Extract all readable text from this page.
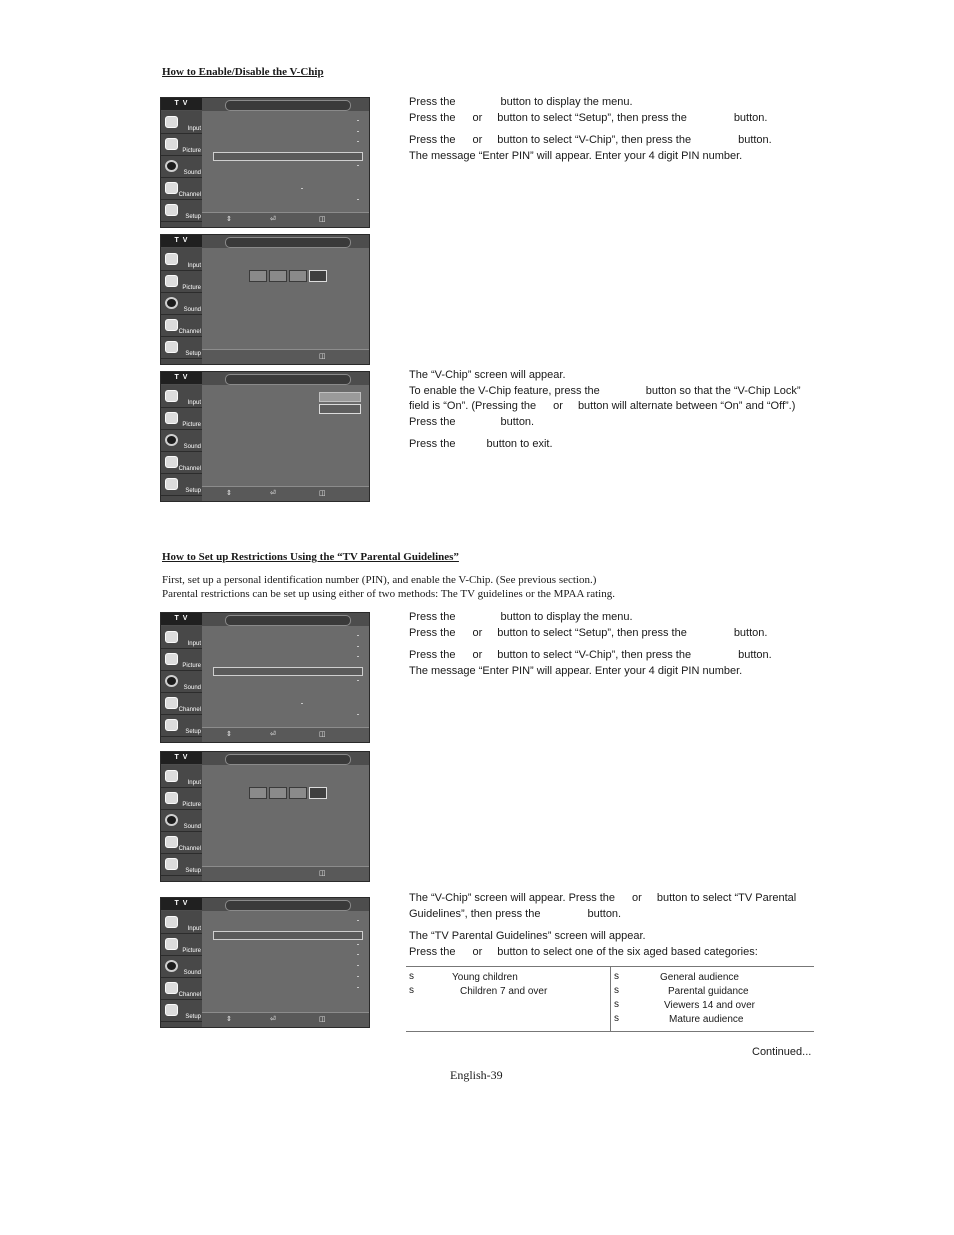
How to Enable/Disable the V-Chip

Press the	button to display the menu.

Press the or button to select “Setup”, then press the	button.

Press the or button to select “V-Chip”, then press the	button.

The message “Enter PIN” will appear. Enter your 4 digit PIN number.

The “V-Chip” screen will appear.

To enable the V-Chip feature, press the	button so that the “V-Chip Lock”

field is “On”. (Pressing the or button will alternate between “On” and “Off”.)

Press the	button.

Press the	button to exit.

T V
Input
Picture
Sound
Channel
Setup	⇕	⏎	◫
T V
Input
Picture
Sound
Channel
Setup	◫
T V
Input
Picture
Sound
Channel
Setup	⇕	⏎	◫
How to Set up Restrictions Using the “TV Parental Guidelines”
First, set up a personal identification number (PIN), and enable the V-Chip. (See previous section.)
Parental restrictions can be set up using either of two methods: The TV guidelines or the MPAA rating.

Press the	button to display the menu.

Press the or button to select “Setup”, then press the	button.

Press the or button to select “V-Chip”, then press the	button.

The message “Enter PIN” will appear. Enter your 4 digit PIN number.

The “V-Chip” screen will appear. Press the or button to select “TV Parental

Guidelines”, then press the	button.

The “TV Parental Guidelines” screen will appear.

Press the or button to select one of the six aged based categories:

T V
Input
Picture
Sound
Channel
Setup	⇕	⏎	◫
T V
Input
Picture
Sound
Channel
Setup	◫
T V
Input
Picture
Sound
Channel
Setup	⇕	⏎	◫
s	Young children
s	Children 7 and over
s	General audience
s	Parental guidance
s	Viewers 14 and over
s	Mature audience
Continued...
English-39
